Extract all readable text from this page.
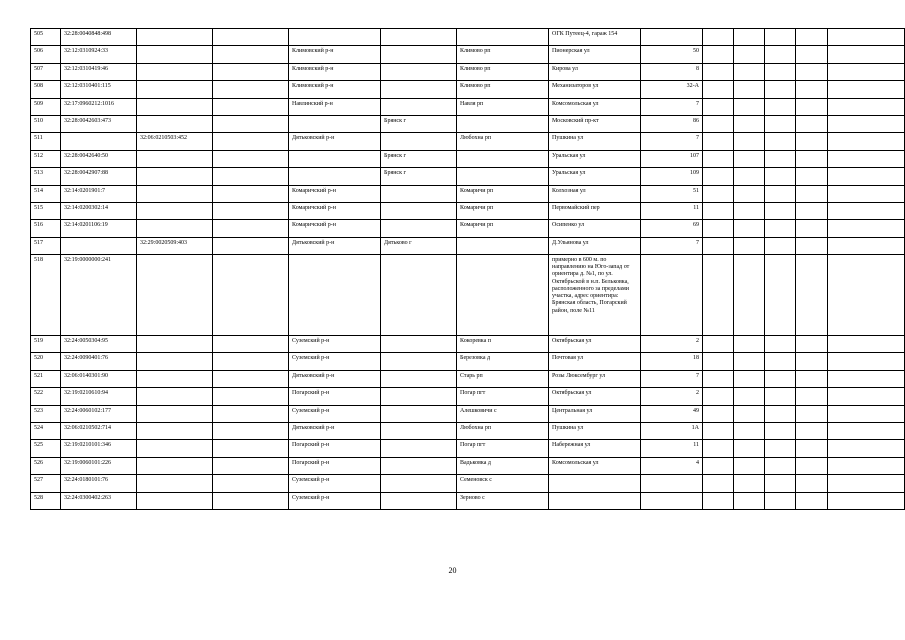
505	32:28:0040848:498						ОГК Путеец-4, гараж 154						
506	32:12:0310924:33			Климовский р-н		Климово рп	Пионерская ул	50					
507	32:12:0310419:46			Климовский р-н		Климово рп	Кирова ул	8					
508	32:12:0310401:115			Климовский р-н		Климово рп	Механизаторов ул	32-А					
509	32:17:0960212:1016			Навлинский р-н		Навля рп	Комсомольская ул	7					
510	32:28:0042603:473				Брянск г		Московский пр-кт	86					
511		32:06:0210503:452		Дятьковский р-н		Любохна рп	Пушкина ул	7					
512	32:28:0042640:50				Брянск г		Уральская ул	107					
513	32:28:0042907:88				Брянск г		Уральская ул	109					
514	32:14:0201901:7			Комаричский р-н		Комаричи рп	Колхозная ул	51					
515	32:14:0200302:14			Комаричский р-н		Комаричи рп	Первомайский пер	11					
516	32:14:0201106:19			Комаричский р-н		Комаричи рп	Осипенко ул	69					
517		32:29:0020509:403		Дятьковский р-н	Дятьково г		Д.Ульянова ул	7					
518	32:19:0000000:241						примерно в 600 м. по направлению на Юго-запад от ориентира д. №1, по ул. Октябрьской в н.п. Бельковка, расположенного за пределами участка, адрес ориентира: Брянская область, Погарский район, поле №11						
519	32:24:0050304:95			Суземский р-н		Кокоревка п	Октябрьская ул	2					
520	32:24:0090401:76			Суземский р-н		Березовка д	Почтовая ул	18					
521	32:06:0140301:90			Дятьковский р-н		Старь рп	Розы Люксембург ул	7					
522	32:19:0210610:94			Погарский р-н		Погар пгт	Октябрьская ул	2					
523	32:24:0060102:177			Суземский р-н		Алешковичи с	Центральная ул	49					
524	32:06:0210502:714			Дятьковский р-н		Любохна рп	Пушкина ул	1А					
525	32:19:0210101:346			Погарский р-н		Погар пгт	Набережная ул	11					
526	32:19:0060101:226			Погарский р-н		Вадьковка д	Комсомольская ул	4					
527	32:24:0180101:76			Суземский р-н		Семеновск с							
528	32:24:0300402:263			Суземский р-н		Зерново с							
20
